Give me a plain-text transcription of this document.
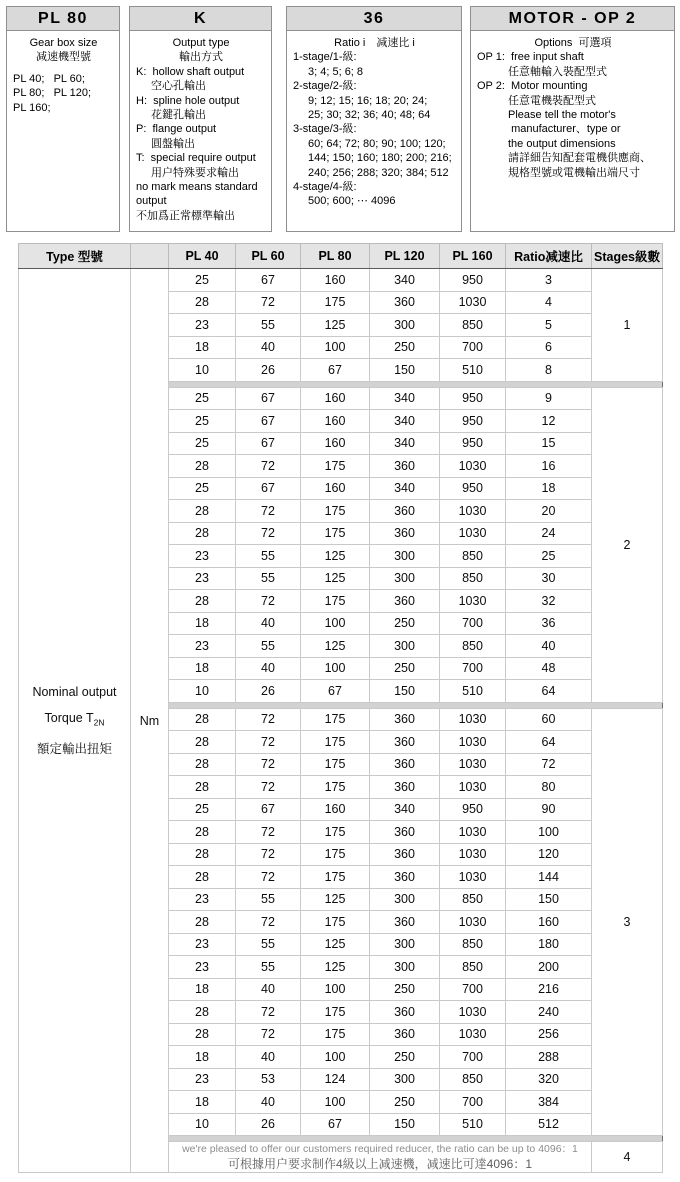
PL 80
Gear box size
减速機型號
PL 40;   PL 60;
PL 80;   PL 120;
PL 160;
K
Output type
輸出方式
K:  hollow shaft output
空心孔輸出
H:  spline hole output
花鍵孔輸出
P:  flange output
圓盤輸出
T:  special require output
用户特殊要求輸出
no mark means standard
output
不加爲正常標準輸出
36
Ratio i　减速比 i
1-stage/1-級:
3; 4; 5; 6; 8
2-stage/2-級:
9; 12; 15; 16; 18; 20; 24;
25; 30; 32; 36; 40; 48; 64
3-stage/3-級:
60; 64; 72; 80; 90; 100; 120;
144; 150; 160; 180; 200; 216;
240; 256; 288; 320; 384; 512
4-stage/4-級:
500; 600; ⋯ 4096
MOTOR - OP 2
Options  可選項
OP 1:  free input shaft
任意軸輸入裝配型式
OP 2:  Motor mounting
任意電機裝配型式
Please tell the motor's
manufacturer、type or
the output dimensions
請詳細告知配套電機供應商、
規格型號或電機輸出端尺寸
Type 型號		PL 40	PL 60	PL 80	PL 120	PL 160	Ratio减速比	Stages級數

Nominal output
Torque $T_{2N}$
額定輸出扭矩	Nm	25	67	160	340	950	3	1
		28	72	175	360	1030	4	
		23	55	125	300	850	5	
		18	40	100	250	700	6	
		10	26	67	150	510	8	

		25	67	160	340	950	9	2
		25	67	160	340	950	12	
		25	67	160	340	950	15	
		28	72	175	360	1030	16	
		25	67	160	340	950	18	
		28	72	175	360	1030	20	
		28	72	175	360	1030	24	
		23	55	125	300	850	25	
		23	55	125	300	850	30	
		28	72	175	360	1030	32	
		18	40	100	250	700	36	
		23	55	125	300	850	40	
		18	40	100	250	700	48	
		10	26	67	150	510	64	

		28	72	175	360	1030	60	3
		28	72	175	360	1030	64	
		28	72	175	360	1030	72	
		28	72	175	360	1030	80	
		25	67	160	340	950	90	
		28	72	175	360	1030	100	
		28	72	175	360	1030	120	
		28	72	175	360	1030	144	
		23	55	125	300	850	150	
		28	72	175	360	1030	160	
		23	55	125	300	850	180	
		23	55	125	300	850	200	
		18	40	100	250	700	216	
		28	72	175	360	1030	240	
		28	72	175	360	1030	256	
		18	40	100	250	700	288	
		23	53	124	300	850	320	
		18	40	100	250	700	384	
		10	26	67	150	510	512	

		we're pleased to offer our customers required reducer, the ratio can be up to 4096：1
可根據用户要求制作4級以上减速機，减速比可達4096：1						4
